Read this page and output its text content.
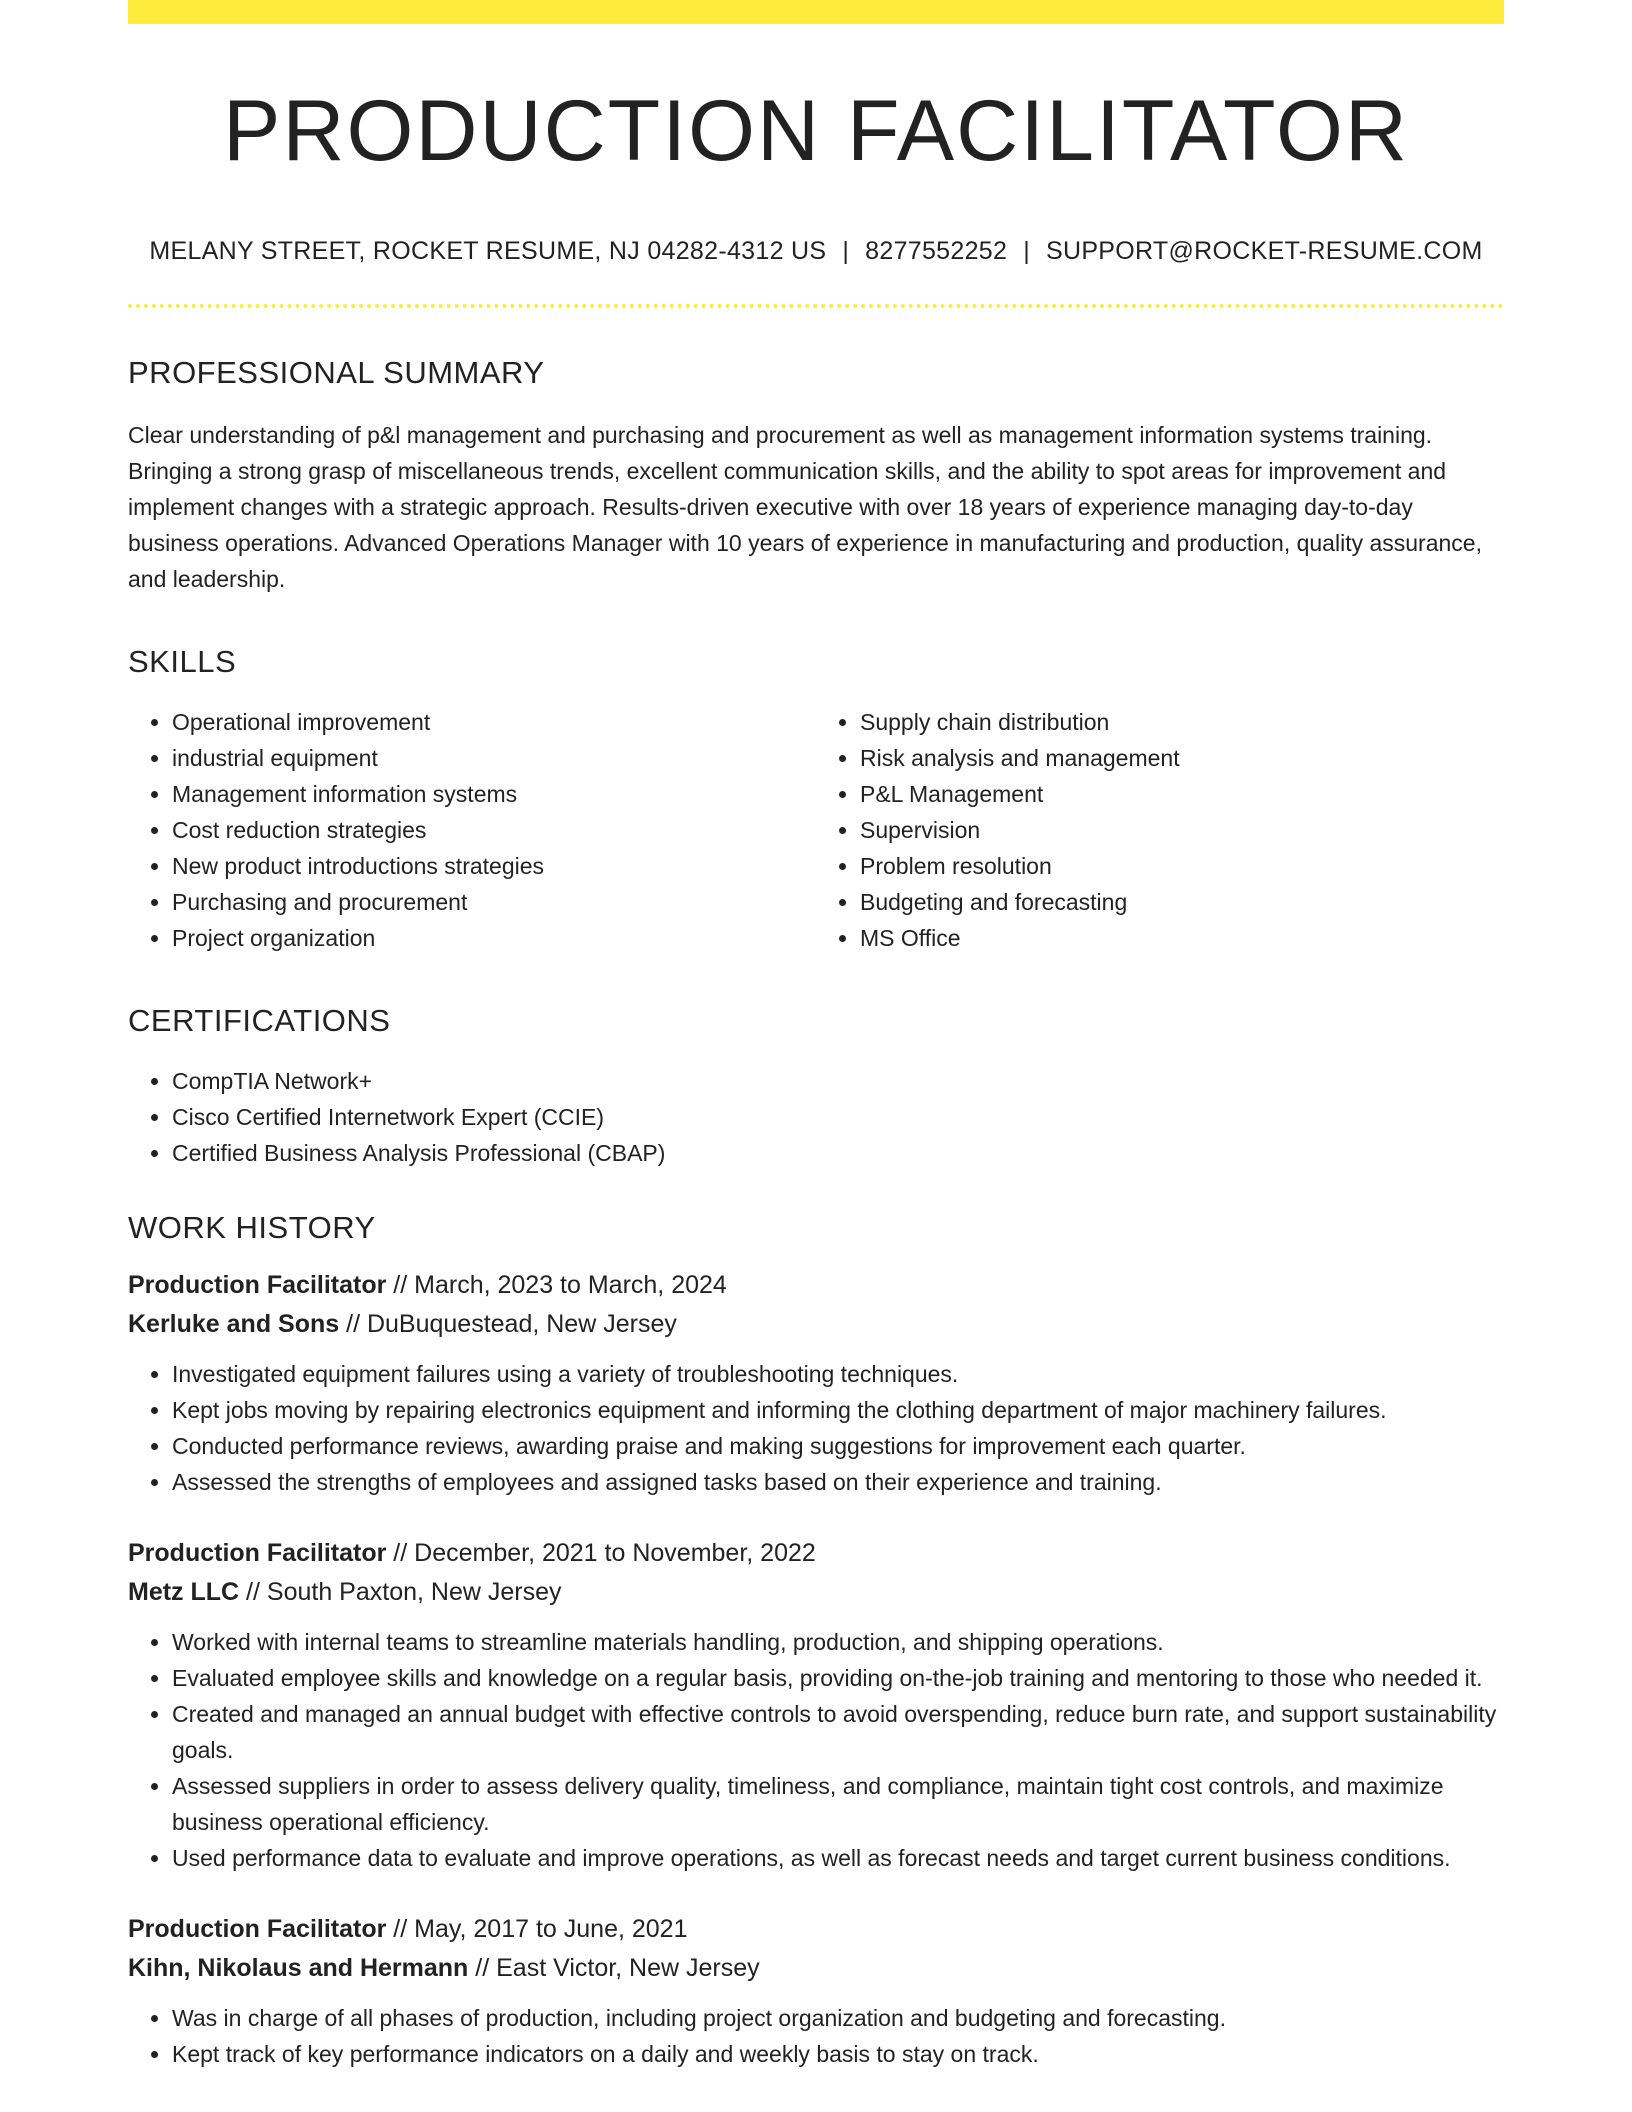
PRODUCTION FACILITATOR
MELANY STREET, ROCKET RESUME, NJ 04282-4312 US | 8277552252 | SUPPORT@ROCKET-RESUME.COM
PROFESSIONAL SUMMARY

Clear understanding of p&l management and purchasing and procurement as well as management information systems training. Bringing a strong grasp of miscellaneous trends, excellent communication skills, and the ability to spot areas for improvement and implement changes with a strategic approach. Results-driven executive with over 18 years of experience managing day-to-day business operations. Advanced Operations Manager with 10 years of experience in manufacturing and production, quality assurance, and leadership.

SKILLS
• Operational improvement
• industrial equipment
• Management information systems
• Cost reduction strategies
• New product introductions strategies
• Purchasing and procurement
• Project organization
• Supply chain distribution
• Risk analysis and management
• P&L Management
• Supervision
• Problem resolution
• Budgeting and forecasting
• MS Office
CERTIFICATIONS
• CompTIA Network+
• Cisco Certified Internetwork Expert (CCIE)
• Certified Business Analysis Professional (CBAP)
WORK HISTORY
Production Facilitator // March, 2023 to March, 2024
Kerluke and Sons // DuBuquestead, New Jersey
• Investigated equipment failures using a variety of troubleshooting techniques.
• Kept jobs moving by repairing electronics equipment and informing the clothing department of major machinery failures.
• Conducted performance reviews, awarding praise and making suggestions for improvement each quarter.
• Assessed the strengths of employees and assigned tasks based on their experience and training.
Production Facilitator // December, 2021 to November, 2022
Metz LLC // South Paxton, New Jersey
• Worked with internal teams to streamline materials handling, production, and shipping operations.
• Evaluated employee skills and knowledge on a regular basis, providing on-the-job training and mentoring to those who needed it.
• Created and managed an annual budget with effective controls to avoid overspending, reduce burn rate, and support sustainability goals.
• Assessed suppliers in order to assess delivery quality, timeliness, and compliance, maintain tight cost controls, and maximize business operational efficiency.
• Used performance data to evaluate and improve operations, as well as forecast needs and target current business conditions.
Production Facilitator // May, 2017 to June, 2021
Kihn, Nikolaus and Hermann // East Victor, New Jersey
• Was in charge of all phases of production, including project organization and budgeting and forecasting.
• Kept track of key performance indicators on a daily and weekly basis to stay on track.
